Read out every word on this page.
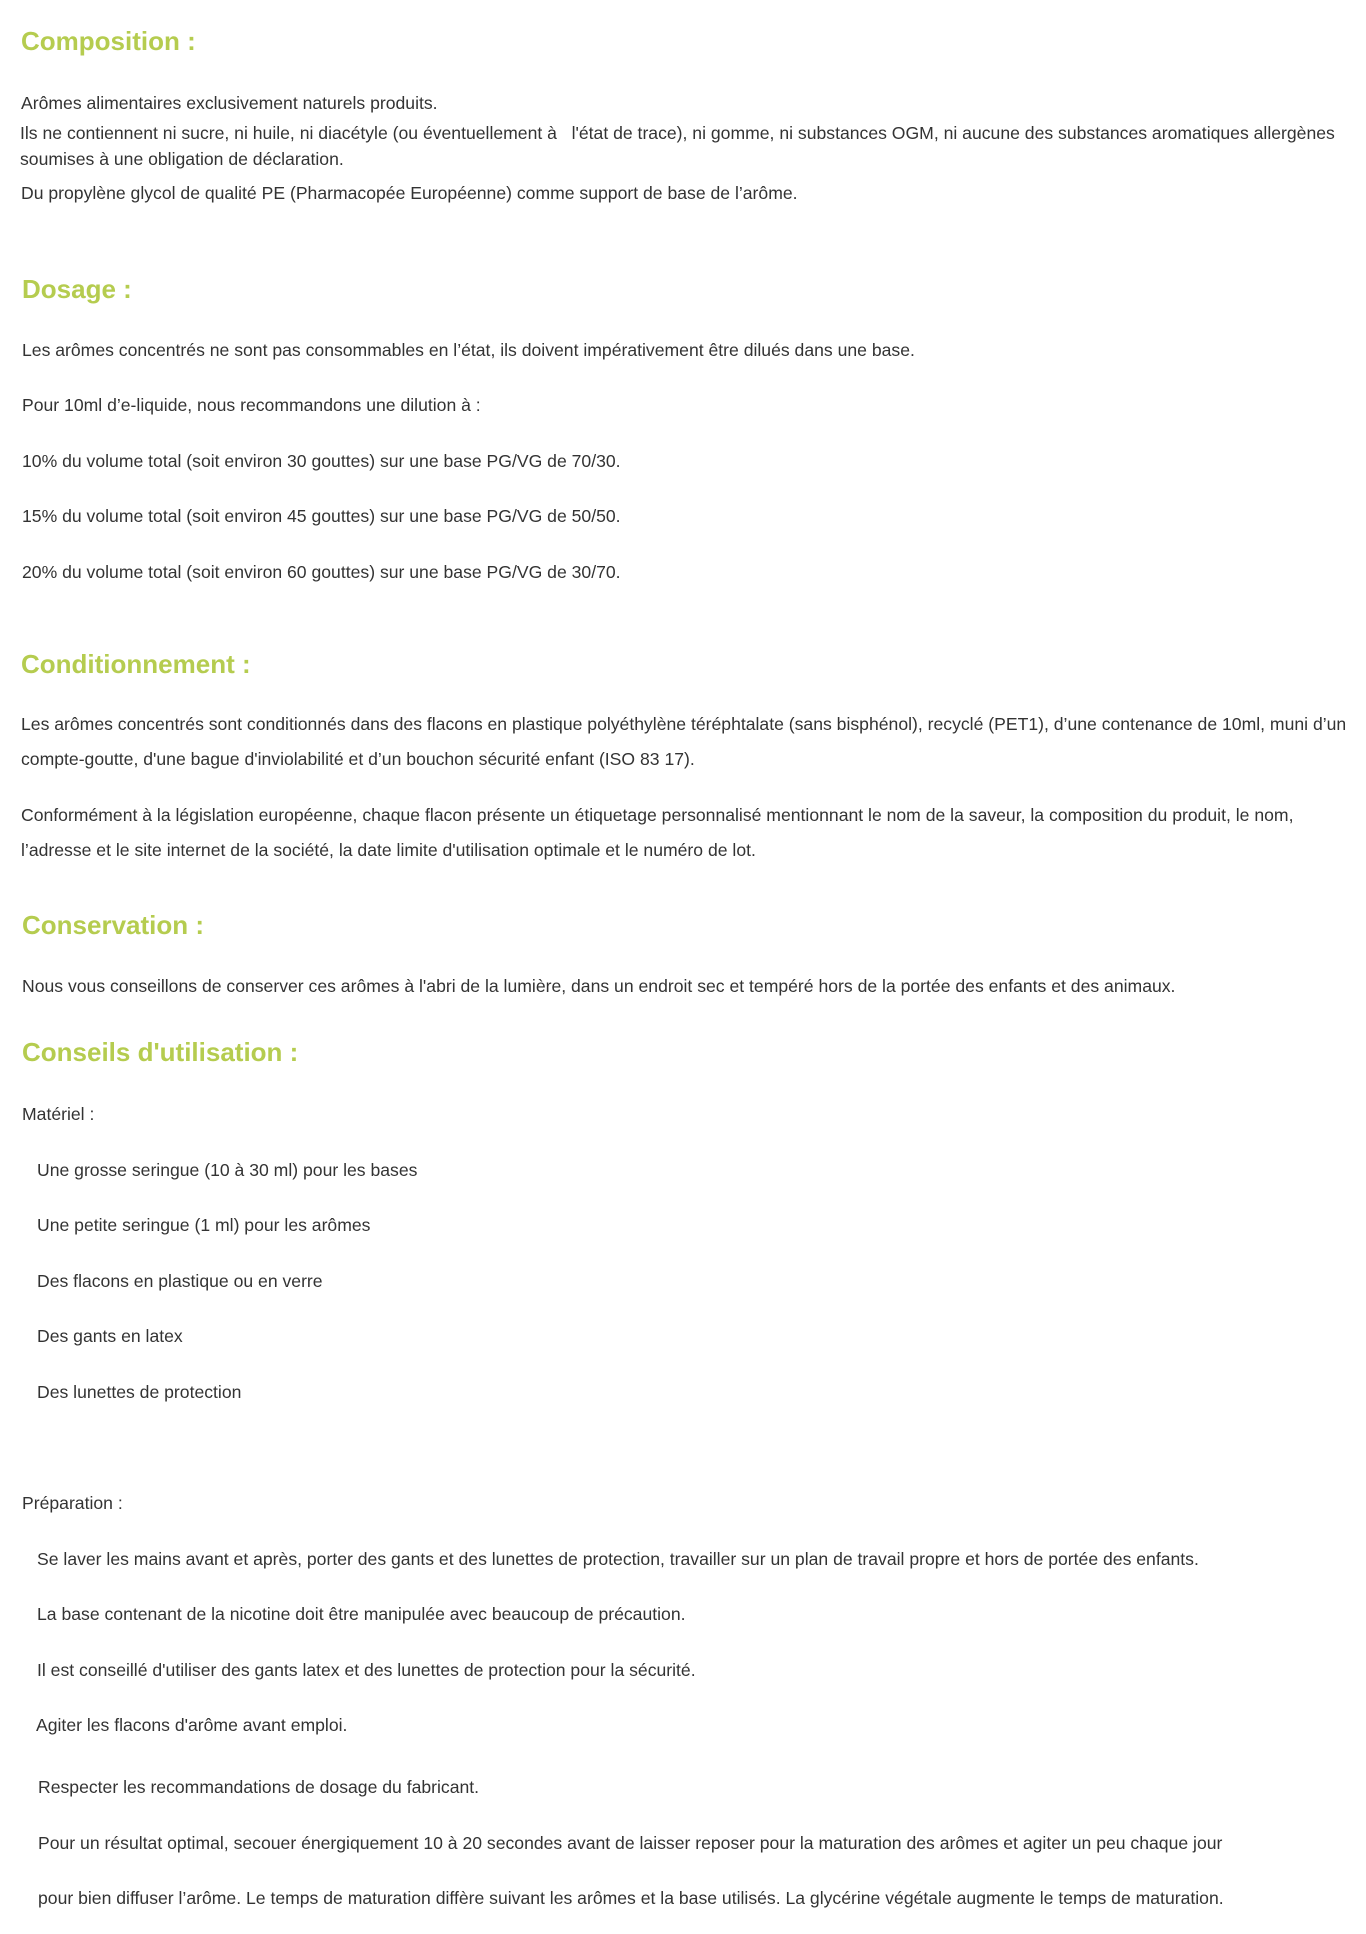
Composition :

Arômes alimentaires exclusivement naturels produits.

Ils ne contiennent ni sucre, ni huile, ni diacétyle (ou éventuellement à   l'état de trace), ni gomme, ni substances OGM, ni aucune des substances aromatiques allergènes

soumises à une obligation de déclaration.

Du propylène glycol de qualité PE (Pharmacopée Européenne) comme support de base de l’arôme.

Dosage :

Les arômes concentrés ne sont pas consommables en l’état, ils doivent impérativement être dilués dans une base.

Pour 10ml d’e-liquide, nous recommandons une dilution à :

10% du volume total (soit environ 30 gouttes) sur une base PG/VG de 70/30.

15% du volume total (soit environ 45 gouttes) sur une base PG/VG de 50/50.

20% du volume total (soit environ 60 gouttes) sur une base PG/VG de 30/70.

Conditionnement :

Les arômes concentrés sont conditionnés dans des flacons en plastique polyéthylène téréphtalate (sans bisphénol), recyclé (PET1), d’une contenance de 10ml, muni d’un

compte-goutte, d'une bague d'inviolabilité et d’un bouchon sécurité enfant (ISO 83 17).

Conformément à la législation européenne, chaque flacon présente un étiquetage personnalisé mentionnant le nom de la saveur, la composition du produit, le nom,

l’adresse et le site internet de la société, la date limite d'utilisation optimale et le numéro de lot.

Conservation :

Nous vous conseillons de conserver ces arômes à l'abri de la lumière, dans un endroit sec et tempéré hors de la portée des enfants et des animaux.

Conseils d'utilisation :

Matériel :

Une grosse seringue (10 à 30 ml) pour les bases

Une petite seringue (1 ml) pour les arômes

Des flacons en plastique ou en verre

Des gants en latex

Des lunettes de protection

Préparation :

Se laver les mains avant et après, porter des gants et des lunettes de protection, travailler sur un plan de travail propre et hors de portée des enfants.

La base contenant de la nicotine doit être manipulée avec beaucoup de précaution.

Il est conseillé d'utiliser des gants latex et des lunettes de protection pour la sécurité.

Agiter les flacons d'arôme avant emploi.

Respecter les recommandations de dosage du fabricant.

Pour un résultat optimal, secouer énergiquement 10 à 20 secondes avant de laisser reposer pour la maturation des arômes et agiter un peu chaque jour

pour bien diffuser l’arôme. Le temps de maturation diffère suivant les arômes et la base utilisés. La glycérine végétale augmente le temps de maturation.
